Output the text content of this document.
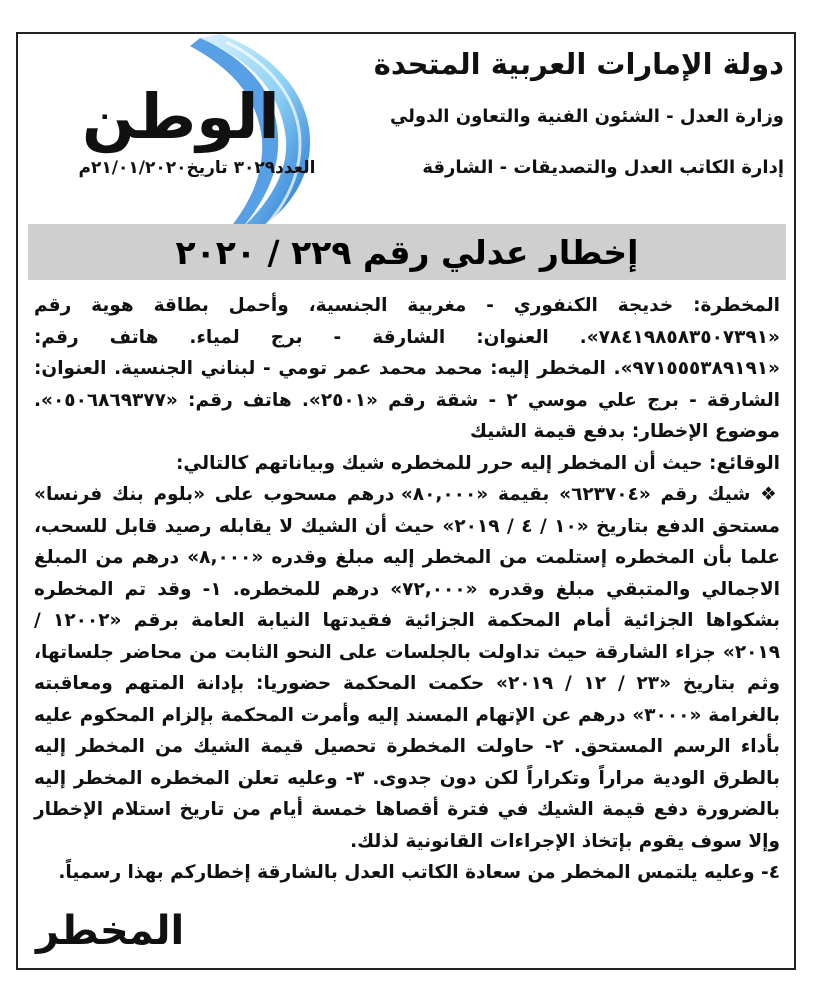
دولة الإمارات العربية المتحدة
وزارة العدل - الشئون الفنية والتعاون الدولي
إدارة الكاتب العدل والتصديقات - الشارقة
الوطن
العدد٣٠٢٩ تاريخ٢١/٠١/٢٠٢٠م
إخطار عدلي رقم ٢٢٩ / ٢٠٢٠

المخطرة: خديجة الكنفوري - مغربية الجنسية، وأحمل بطاقة هوية رقم «٧٨٤١٩٨٥٨٣٥٠٧٣٩١». العنوان: الشارقة - برج لمياء. هاتف رقم: «٩٧١٥٥٥٣٨٩١٩١». المخطر إليه: محمد محمد عمر تومي - لبناني الجنسية. العنوان: الشارقة - برج علي موسي ٢ - شقة رقم «٢٥٠١». هاتف رقم: «٠٥٠٦٨٦٩٣٧٧». موضوع الإخطار: بدفع قيمة الشيك

الوقائع: حيث أن المخطر إليه حرر للمخطره شيك وبياناتهم كالتالي:

❖ شيك رقم «٦٢٣٧٠٤» بقيمة «٨٠,٠٠٠» درهم مسحوب على «بلوم بنك فرنسا» مستحق الدفع بتاريخ «١٠ / ٤ / ٢٠١٩» حيث أن الشيك لا يقابله رصيد قابل للسحب، علما بأن المخطره إستلمت من المخطر إليه مبلغ وقدره «٨,٠٠٠» درهم من المبلغ الاجمالي والمتبقي مبلغ وقدره «٧٢,٠٠٠» درهم للمخطره. ١- وقد تم المخطره بشكواها الجزائية أمام المحكمة الجزائية فقيدتها النيابة العامة برقم «١٢٠٠٢ / ٢٠١٩» جزاء الشارقة حيث تداولت بالجلسات على النحو الثابت من محاضر جلساتها، وثم بتاريخ «٢٣ / ١٢ / ٢٠١٩» حكمت المحكمة حضوريا: بإدانة المتهم ومعاقبته بالغرامة «٣٠٠٠» درهم عن الإتهام المسند إليه وأمرت المحكمة بإلزام المحكوم عليه بأداء الرسم المستحق. ٢- حاولت المخطرة تحصيل قيمة الشيك من المخطر إليه بالطرق الودية مراراً وتكراراً لكن دون جدوى. ٣- وعليه تعلن المخطره المخطر إليه بالضرورة دفع قيمة الشيك في فترة أقصاها خمسة أيام من تاريخ استلام الإخطار وإلا سوف يقوم بإتخاذ الإجراءات القانونية لذلك.

٤- وعليه يلتمس المخطر من سعادة الكاتب العدل بالشارقة إخطاركم بهذا رسمياً.

المخطر
